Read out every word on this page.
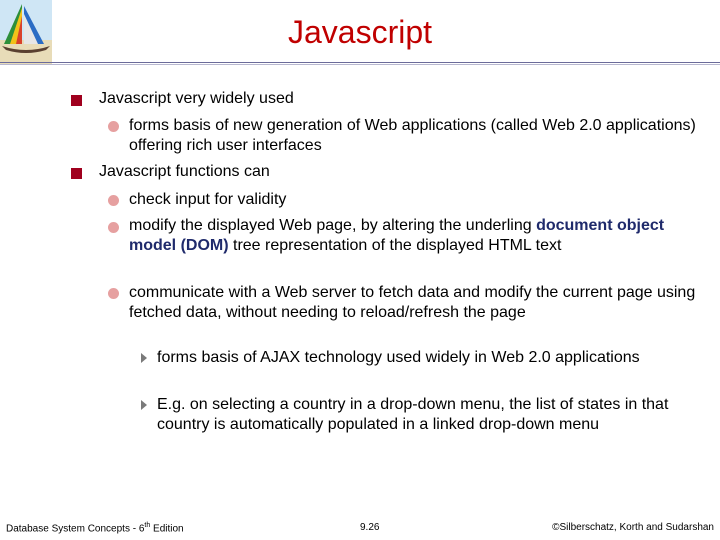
Javascript
Javascript very widely used
forms basis of new generation of Web applications (called Web 2.0 applications) offering rich user interfaces
Javascript functions can
check input for validity
modify the displayed Web page, by altering the underling document object model (DOM) tree representation of the displayed HTML text
communicate with a Web server to fetch data and modify the current page using fetched data, without needing to reload/refresh the page
forms basis of AJAX technology used widely in Web 2.0 applications
E.g. on selecting a country in a drop-down menu, the list of states in that country is automatically populated in a linked drop-down menu
Database System Concepts - 6th Edition	9.26	©Silberschatz, Korth and Sudarshan
